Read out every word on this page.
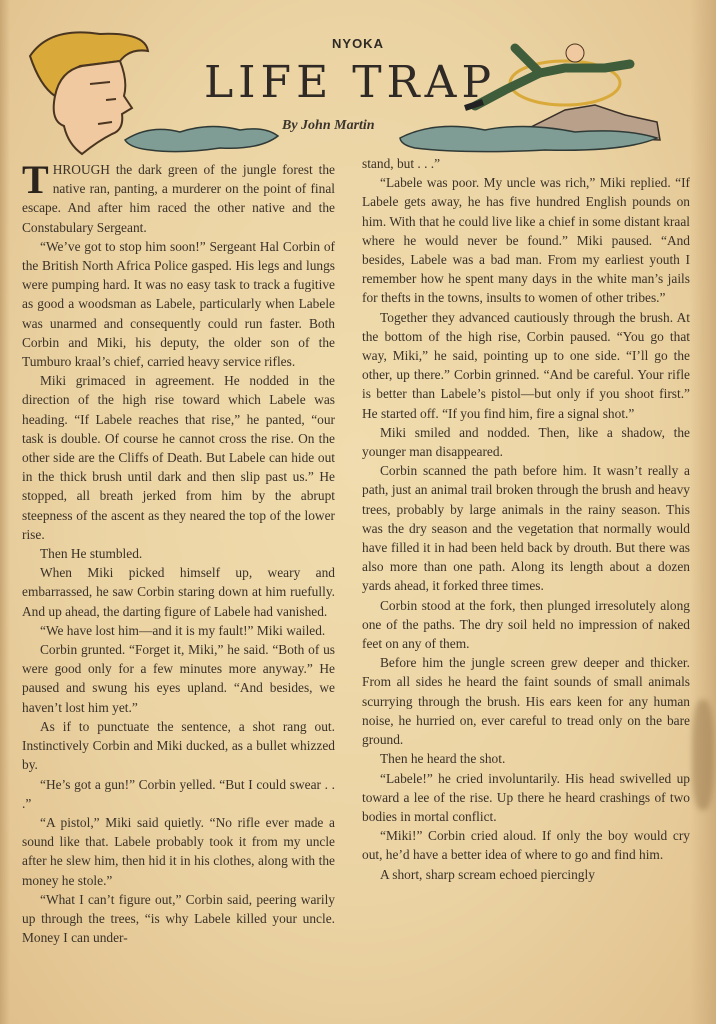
NYOKA
LIFE TRAP
By John Martin

THROUGH the dark green of the jungle forest the native ran, panting, a murderer on the point of final escape. And after him raced the other native and the Constabulary Sergeant.

“We’ve got to stop him soon!” Sergeant Hal Corbin of the British North Africa Police gasped. His legs and lungs were pumping hard. It was no easy task to track a fugitive as good a woodsman as Labele, particularly when Labele was unarmed and consequently could run faster. Both Corbin and Miki, his deputy, the older son of the Tumburo kraal’s chief, carried heavy service rifles.

Miki grimaced in agreement. He nodded in the direction of the high rise toward which Labele was heading. “If Labele reaches that rise,” he panted, “our task is double. Of course he cannot cross the rise. On the other side are the Cliffs of Death. But Labele can hide out in the thick brush until dark and then slip past us.” He stopped, all breath jerked from him by the abrupt steepness of the ascent as they neared the top of the lower rise.

Then He stumbled.

When Miki picked himself up, weary and embarrassed, he saw Corbin staring down at him ruefully. And up ahead, the darting figure of Labele had vanished.

“We have lost him—and it is my fault!” Miki wailed.

Corbin grunted. “Forget it, Miki,” he said. “Both of us were good only for a few minutes more anyway.” He paused and swung his eyes upland. “And besides, we haven’t lost him yet.”

As if to punctuate the sentence, a shot rang out. Instinctively Corbin and Miki ducked, as a bullet whizzed by.

“He’s got a gun!” Corbin yelled. “But I could swear . . .”

“A pistol,” Miki said quietly. “No rifle ever made a sound like that. Labele probably took it from my uncle after he slew him, then hid it in his clothes, along with the money he stole.”

“What I can’t figure out,” Corbin said, peering warily up through the trees, “is why Labele killed your uncle. Money I can under-

stand, but . . .”

“Labele was poor. My uncle was rich,” Miki replied. “If Labele gets away, he has five hundred English pounds on him. With that he could live like a chief in some distant kraal where he would never be found.” Miki paused. “And besides, Labele was a bad man. From my earliest youth I remember how he spent many days in the white man’s jails for thefts in the towns, insults to women of other tribes.”

Together they advanced cautiously through the brush. At the bottom of the high rise, Corbin paused. “You go that way, Miki,” he said, pointing up to one side. “I’ll go the other, up there.” Corbin grinned. “And be careful. Your rifle is better than Labele’s pistol—but only if you shoot first.” He started off. “If you find him, fire a signal shot.”

Miki smiled and nodded. Then, like a shadow, the younger man disappeared.

Corbin scanned the path before him. It wasn’t really a path, just an animal trail broken through the brush and heavy trees, probably by large animals in the rainy season. This was the dry season and the vegetation that normally would have filled it in had been held back by drouth. But there was also more than one path. Along its length about a dozen yards ahead, it forked three times.

Corbin stood at the fork, then plunged irresolutely along one of the paths. The dry soil held no impression of naked feet on any of them.

Before him the jungle screen grew deeper and thicker. From all sides he heard the faint sounds of small animals scurrying through the brush. His ears keen for any human noise, he hurried on, ever careful to tread only on the bare ground.

Then he heard the shot.

“Labele!” he cried involuntarily. His head swivelled up toward a lee of the rise. Up there he heard crashings of two bodies in mortal conflict.

“Miki!” Corbin cried aloud. If only the boy would cry out, he’d have a better idea of where to go and find him.

A short, sharp scream echoed piercingly
